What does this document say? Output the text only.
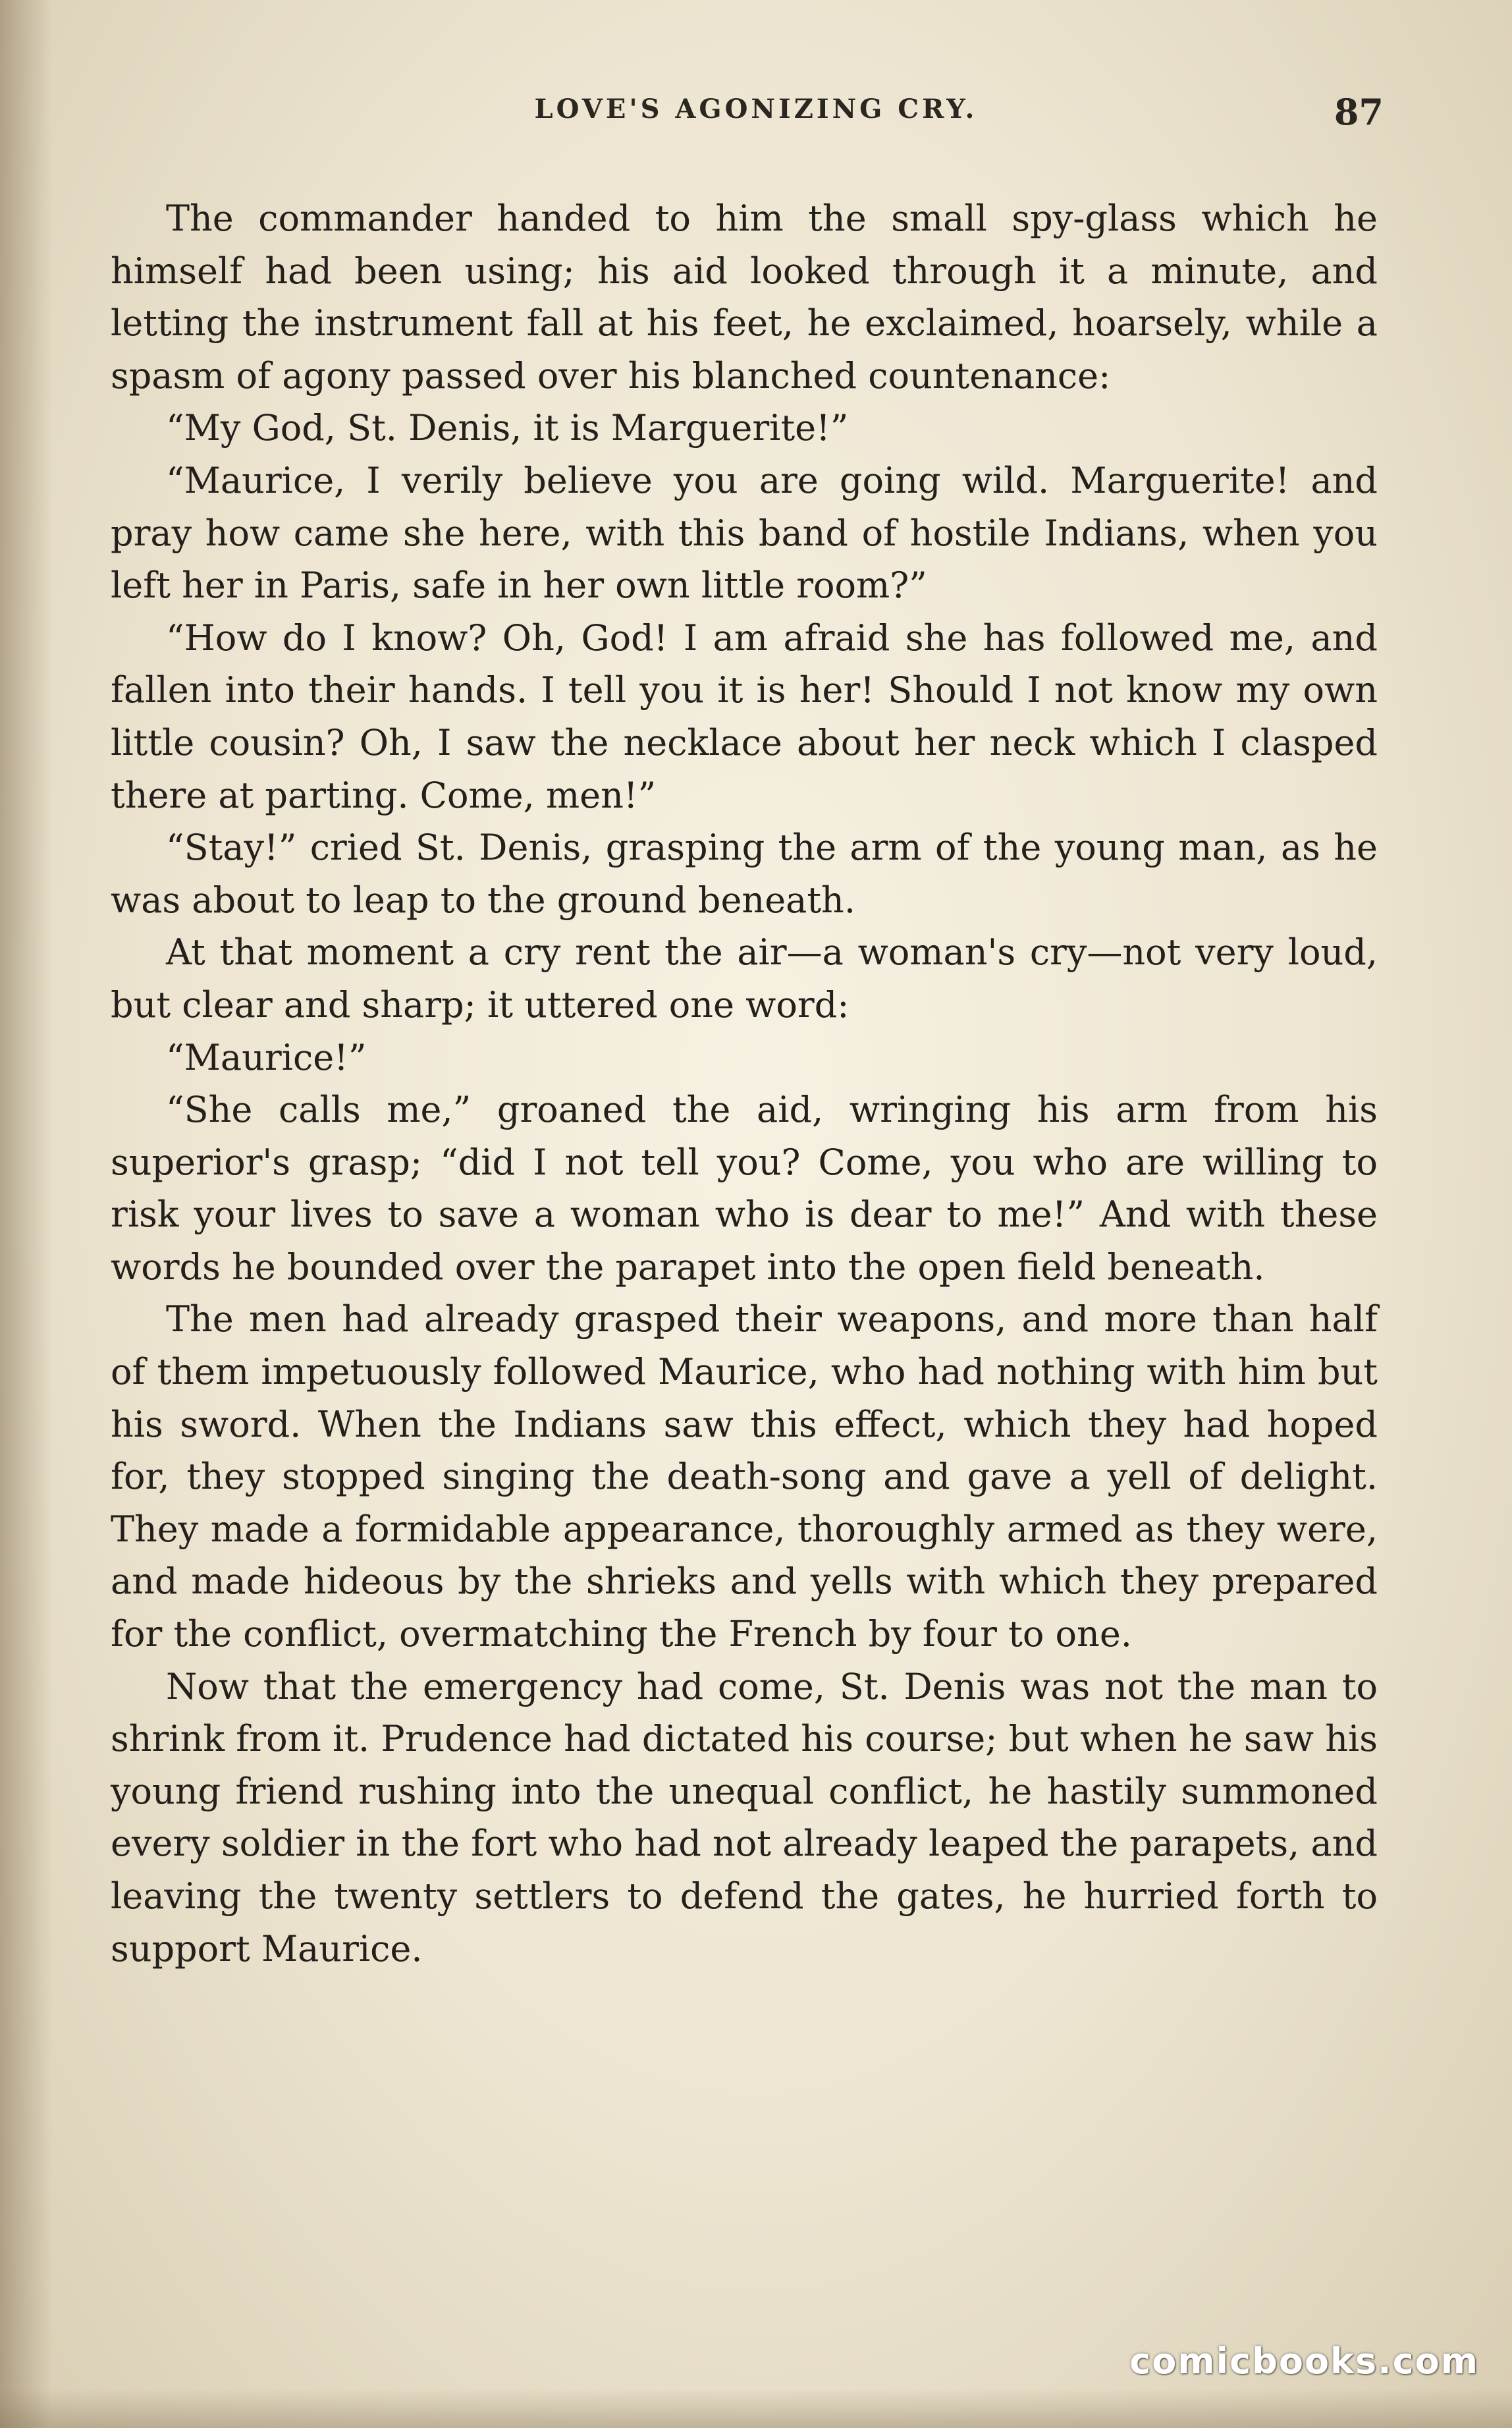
LOVE'S AGONIZING CRY.	87

The commander handed to him the small spy-glass which he himself had been using; his aid looked through it a minute, and letting the instrument fall at his feet, he exclaimed, hoarsely, while a spasm of agony passed over his blanched countenance:

“My God, St. Denis, it is Marguerite!”

“Maurice, I verily believe you are going wild. Marguerite! and pray how came she here, with this band of hostile Indians, when you left her in Paris, safe in her own little room?”

“How do I know? Oh, God! I am afraid she has followed me, and fallen into their hands. I tell you it is her! Should I not know my own little cousin? Oh, I saw the necklace about her neck which I clasped there at parting. Come, men!”

“Stay!” cried St. Denis, grasping the arm of the young man, as he was about to leap to the ground beneath.

At that moment a cry rent the air—a woman's cry—not very loud, but clear and sharp; it uttered one word:

“Maurice!”

“She calls me,” groaned the aid, wringing his arm from his superior's grasp; “did I not tell you? Come, you who are willing to risk your lives to save a woman who is dear to me!” And with these words he bounded over the parapet into the open field beneath.

The men had already grasped their weapons, and more than half of them impetuously followed Maurice, who had nothing with him but his sword. When the Indians saw this effect, which they had hoped for, they stopped singing the death-song and gave a yell of delight. They made a formidable appearance, thoroughly armed as they were, and made hideous by the shrieks and yells with which they prepared for the conflict, overmatching the French by four to one.

Now that the emergency had come, St. Denis was not the man to shrink from it. Prudence had dictated his course; but when he saw his young friend rushing into the unequal conflict, he hastily summoned every soldier in the fort who had not already leaped the parapets, and leaving the twenty settlers to defend the gates, he hurried forth to support Maurice.

comicbooks.com
